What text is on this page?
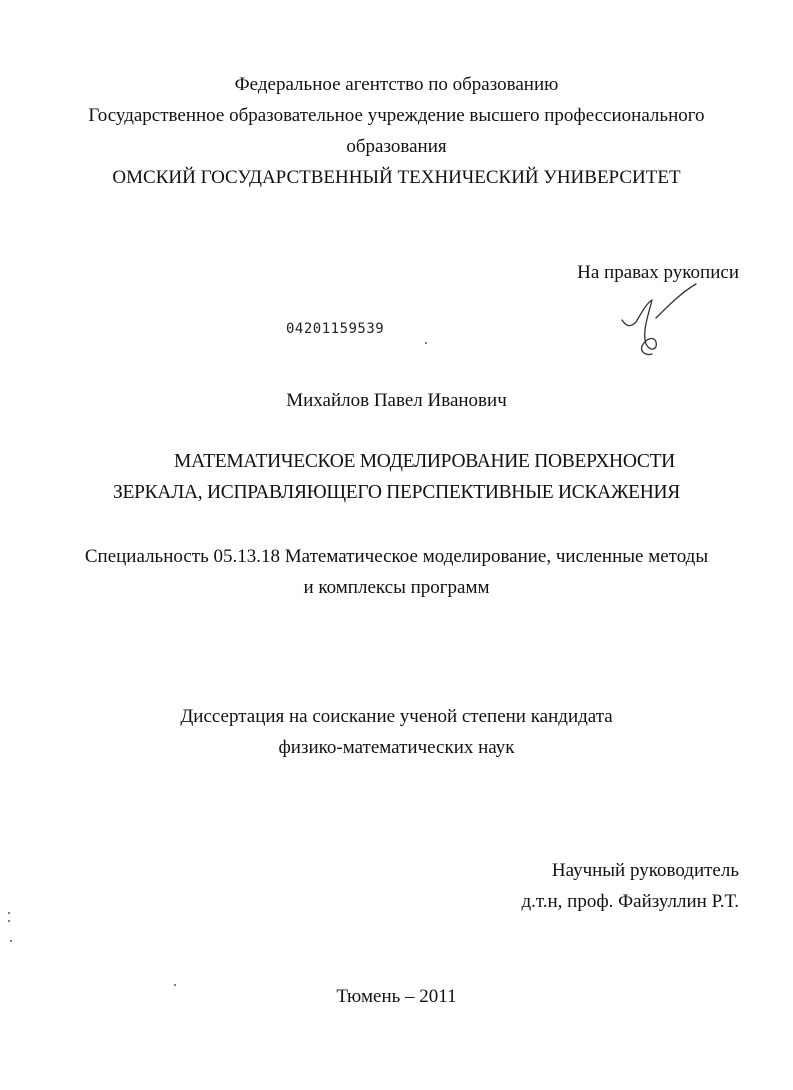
Федеральное агентство по образованию
Государственное образовательное учреждение высшего профессионального
образования
ОМСКИЙ ГОСУДАРСТВЕННЫЙ ТЕХНИЧЕСКИЙ УНИВЕРСИТЕТ
На правах рукописи
04201159539
Михайлов Павел Иванович
МАТЕМАТИЧЕСКОЕ МОДЕЛИРОВАНИЕ ПОВЕРХНОСТИ
ЗЕРКАЛА, ИСПРАВЛЯЮЩЕГО ПЕРСПЕКТИВНЫЕ ИСКАЖЕНИЯ
Специальность 05.13.18 Математическое моделирование, численные методы
и комплексы программ
Диссертация на соискание ученой степени кандидата
физико-математических наук
Научный руководитель
д.т.н, проф. Файзуллин Р.Т.
Тюмень – 2011
